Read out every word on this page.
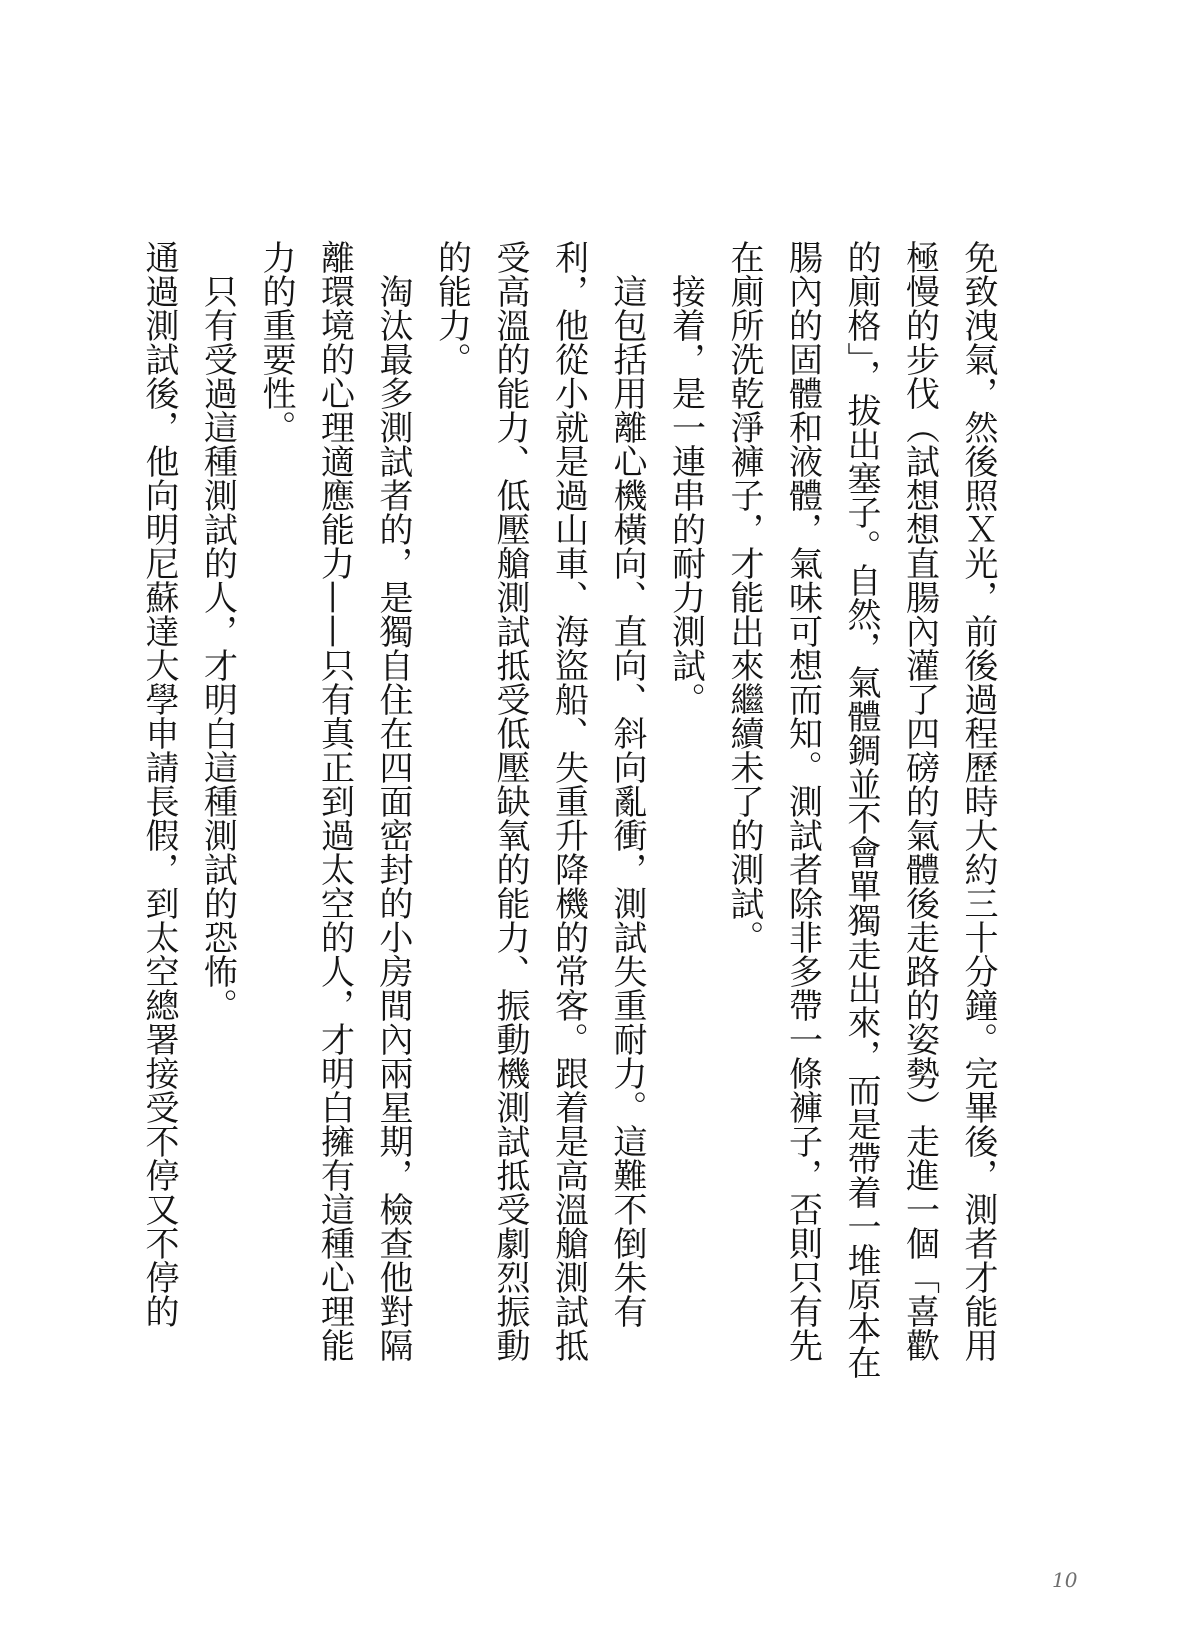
免致洩氣，然後照Ｘ光，前後過程歷時大約三十分鐘。完畢後，測者才能用極慢的步伐（試想想直腸內灌了四磅的氣體後走路的姿勢）走進一個「喜歡的廁格」，拔出塞子。自然，氣體錭並不會單獨走出來，而是帶着一堆原本在腸內的固體和液體，氣味可想而知。測試者除非多帶一條褲子，否則只有先在廁所洗乾淨褲子，才能出來繼續未了的測試。

接着，是一連串的耐力測試。

這包括用離心機橫向、直向、斜向亂衝，測試失重耐力。這難不倒朱有利，他從小就是過山車、海盜船、失重升降機的常客。跟着是高溫艙測試抵受高溫的能力、低壓艙測試抵受低壓缺氧的能力、振動機測試抵受劇烈振動的能力。

淘汰最多測試者的，是獨自住在四面密封的小房間內兩星期，檢查他對隔離環境的心理適應能力——只有真正到過太空的人，才明白擁有這種心理能力的重要性。

只有受過這種測試的人，才明白這種測試的恐怖。

通過測試後，他向明尼蘇達大學申請長假，到太空總署接受不停又不停的

10
